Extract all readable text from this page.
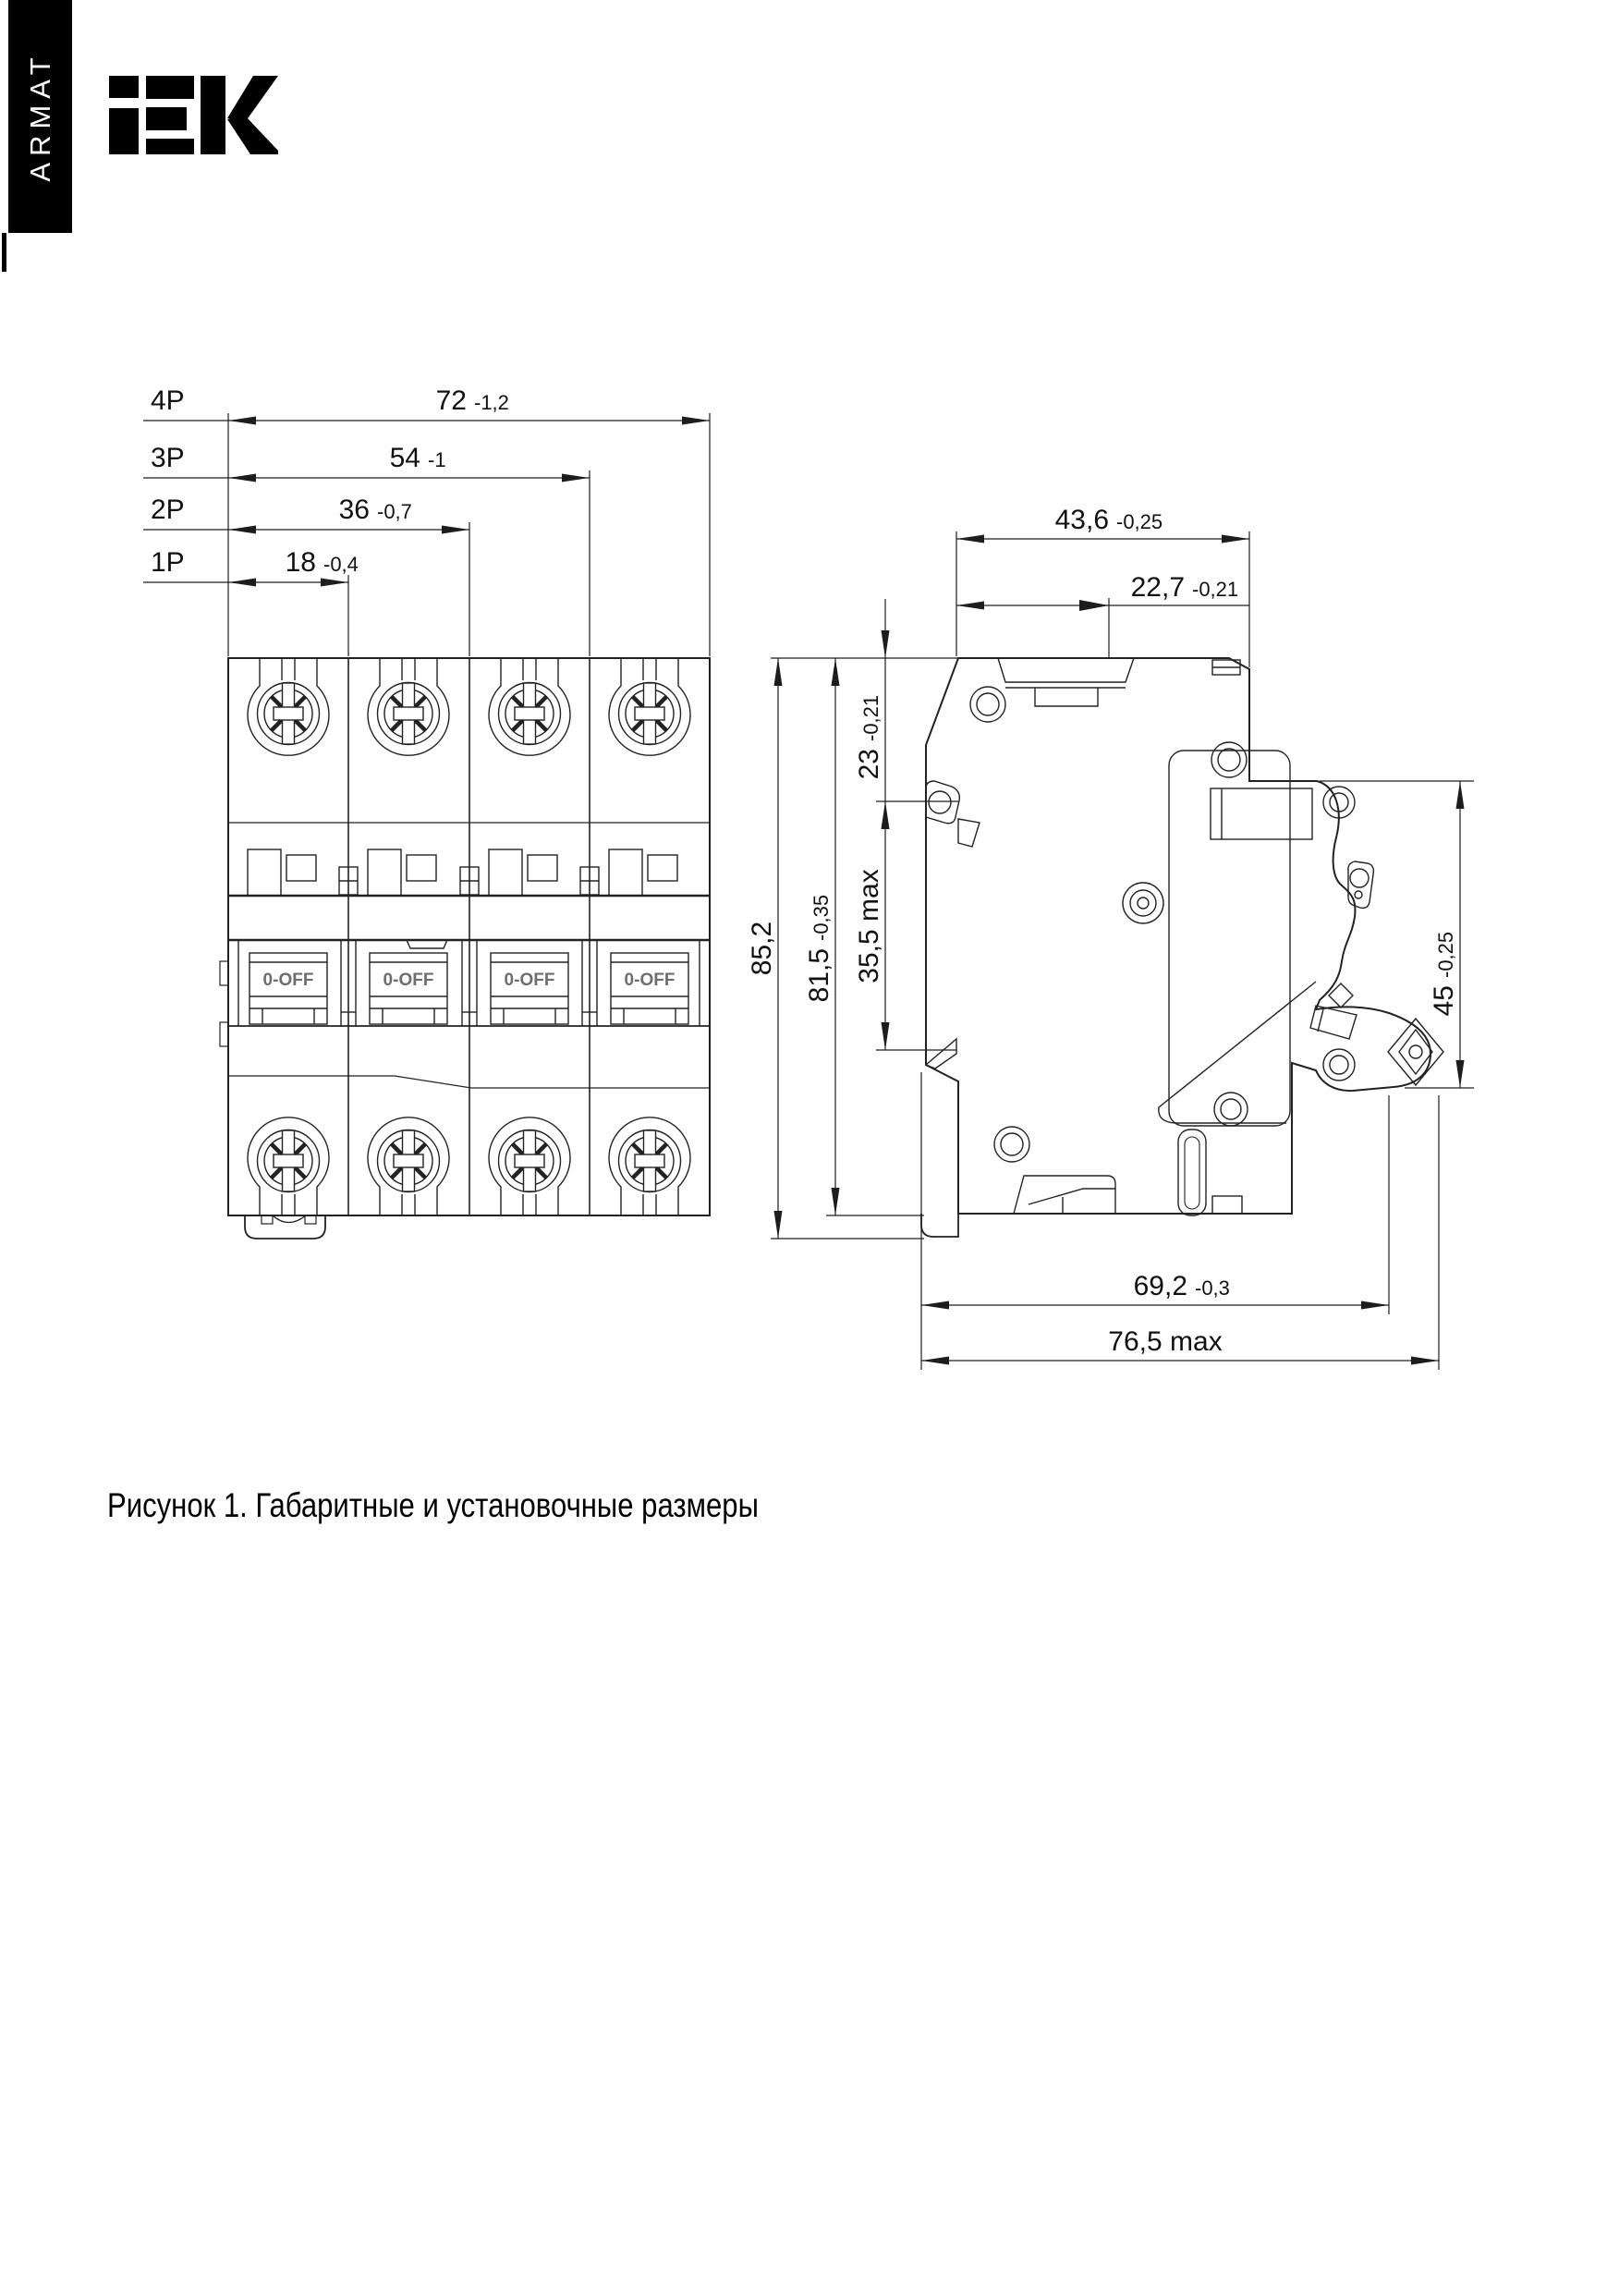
ARMAT
0-OFF	0-OFF	0-OFF	0-OFF
4P	72 -1,2
3P	54 -1
2P	36 -0,7
1P	18 -0,4
43,6 -0,25
22,7 -0,21
85,2 81,5
-0,35
23
-0,21
35,5 max
45
-0,25
69,2 -0,3
76,5 max
Рисунок 1. Габаритные и установочные размеры
